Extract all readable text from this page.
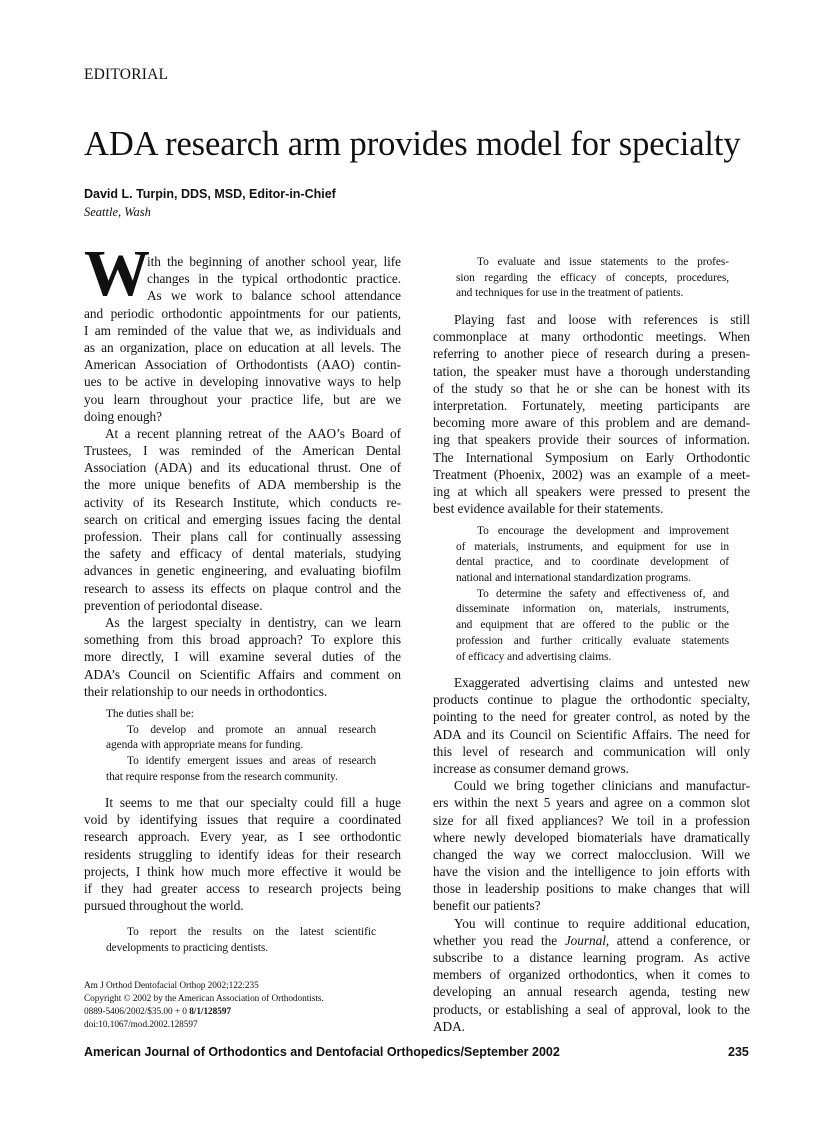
EDITORIAL
ADA research arm provides model for specialty
David L. Turpin, DDS, MSD, Editor-in-Chief
Seattle, Wash
W
ith the beginning of another school year, life
changes in the typical orthodontic practice.
As we work to balance school attendance
and periodic orthodontic appointments for our patients,
I am reminded of the value that we, as individuals and
as an organization, place on education at all levels. The
American Association of Orthodontists (AAO) contin-
ues to be active in developing innovative ways to help
you learn throughout your practice life, but are we
doing enough?
At a recent planning retreat of the AAO’s Board of
Trustees, I was reminded of the American Dental
Association (ADA) and its educational thrust. One of
the more unique benefits of ADA membership is the
activity of its Research Institute, which conducts re-
search on critical and emerging issues facing the dental
profession. Their plans call for continually assessing
the safety and efficacy of dental materials, studying
advances in genetic engineering, and evaluating biofilm
research to assess its effects on plaque control and the
prevention of periodontal disease.
As the largest specialty in dentistry, can we learn
something from this broad approach? To explore this
more directly, I will examine several duties of the
ADA’s Council on Scientific Affairs and comment on
their relationship to our needs in orthodontics.
The duties shall be:
To develop and promote an annual research
agenda with appropriate means for funding.
To identify emergent issues and areas of research
that require response from the research community.
It seems to me that our specialty could fill a huge
void by identifying issues that require a coordinated
research approach. Every year, as I see orthodontic
residents struggling to identify ideas for their research
projects, I think how much more effective it would be
if they had greater access to research projects being
pursued throughout the world.
To report the results on the latest scientific
developments to practicing dentists.
Am J Orthod Dentofacial Orthop 2002;122:235
Copyright © 2002 by the American Association of Orthodontists.
0889-5406/2002/$35.00 + 0 8/1/128597
doi:10.1067/mod.2002.128597
To evaluate and issue statements to the profes-
sion regarding the efficacy of concepts, procedures,
and techniques for use in the treatment of patients.
Playing fast and loose with references is still
commonplace at many orthodontic meetings. When
referring to another piece of research during a presen-
tation, the speaker must have a thorough understanding
of the study so that he or she can be honest with its
interpretation. Fortunately, meeting participants are
becoming more aware of this problem and are demand-
ing that speakers provide their sources of information.
The International Symposium on Early Orthodontic
Treatment (Phoenix, 2002) was an example of a meet-
ing at which all speakers were pressed to present the
best evidence available for their statements.
To encourage the development and improvement
of materials, instruments, and equipment for use in
dental practice, and to coordinate development of
national and international standardization programs.
To determine the safety and effectiveness of, and
disseminate information on, materials, instruments,
and equipment that are offered to the public or the
profession and further critically evaluate statements
of efficacy and advertising claims.
Exaggerated advertising claims and untested new
products continue to plague the orthodontic specialty,
pointing to the need for greater control, as noted by the
ADA and its Council on Scientific Affairs. The need for
this level of research and communication will only
increase as consumer demand grows.
Could we bring together clinicians and manufactur-
ers within the next 5 years and agree on a common slot
size for all fixed appliances? We toil in a profession
where newly developed biomaterials have dramatically
changed the way we correct malocclusion. Will we
have the vision and the intelligence to join efforts with
those in leadership positions to make changes that will
benefit our patients?
You will continue to require additional education,
whether you read the Journal, attend a conference, or
subscribe to a distance learning program. As active
members of organized orthodontics, when it comes to
developing an annual research agenda, testing new
products, or establishing a seal of approval, look to the
ADA.
American Journal of Orthodontics and Dentofacial Orthopedics/September 2002	235
